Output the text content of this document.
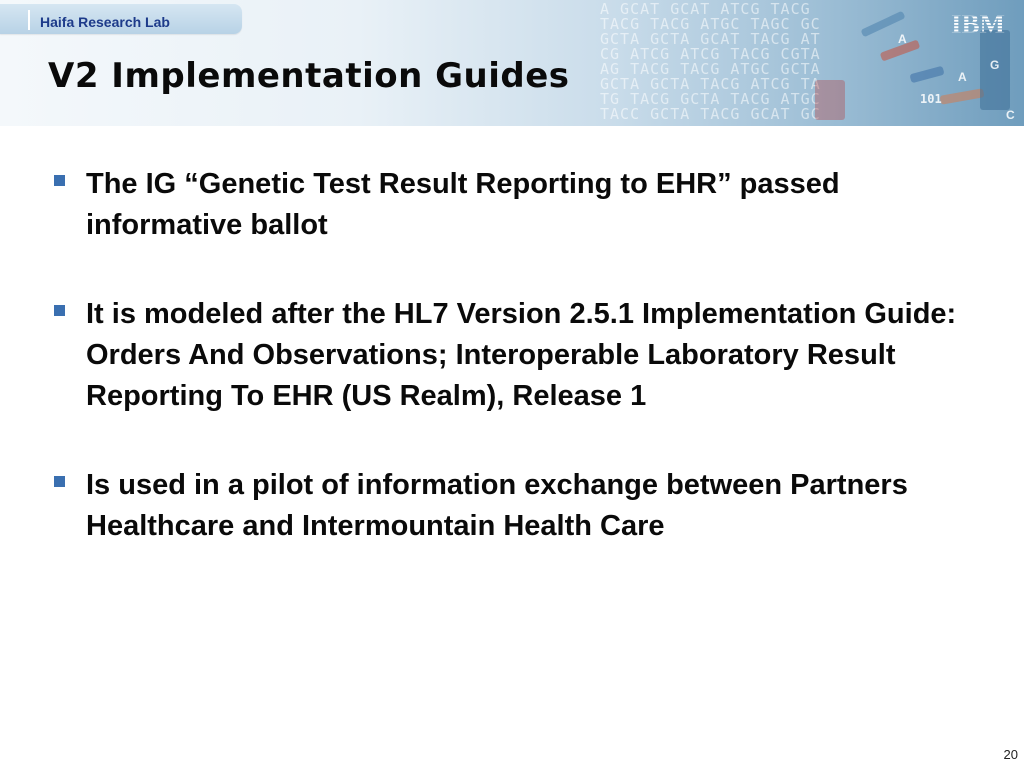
A GCAT GCAT ATCG TACG
TACG TACG ATGC TAGC GC
GCTA GCTA GCAT TACG AT
CG ATCG ATCG TACG CGTA
AG TACG TACG ATGC GCTA
GCTA GCTA TACG ATCG TA
TG TACG GCTA TACG ATGC
TACC GCTA TACG GCAT GC
A
G
A
C
101
Haifa Research Lab	IBM
V2 Implementation Guides
The IG “Genetic Test Result Reporting to EHR” passed informative ballot
It is modeled after the HL7 Version 2.5.1 Implementation Guide: Orders And Observations; Interoperable Laboratory Result Reporting To EHR (US Realm), Release 1
Is used in a pilot of information exchange between Partners Healthcare and Intermountain Health Care
20
